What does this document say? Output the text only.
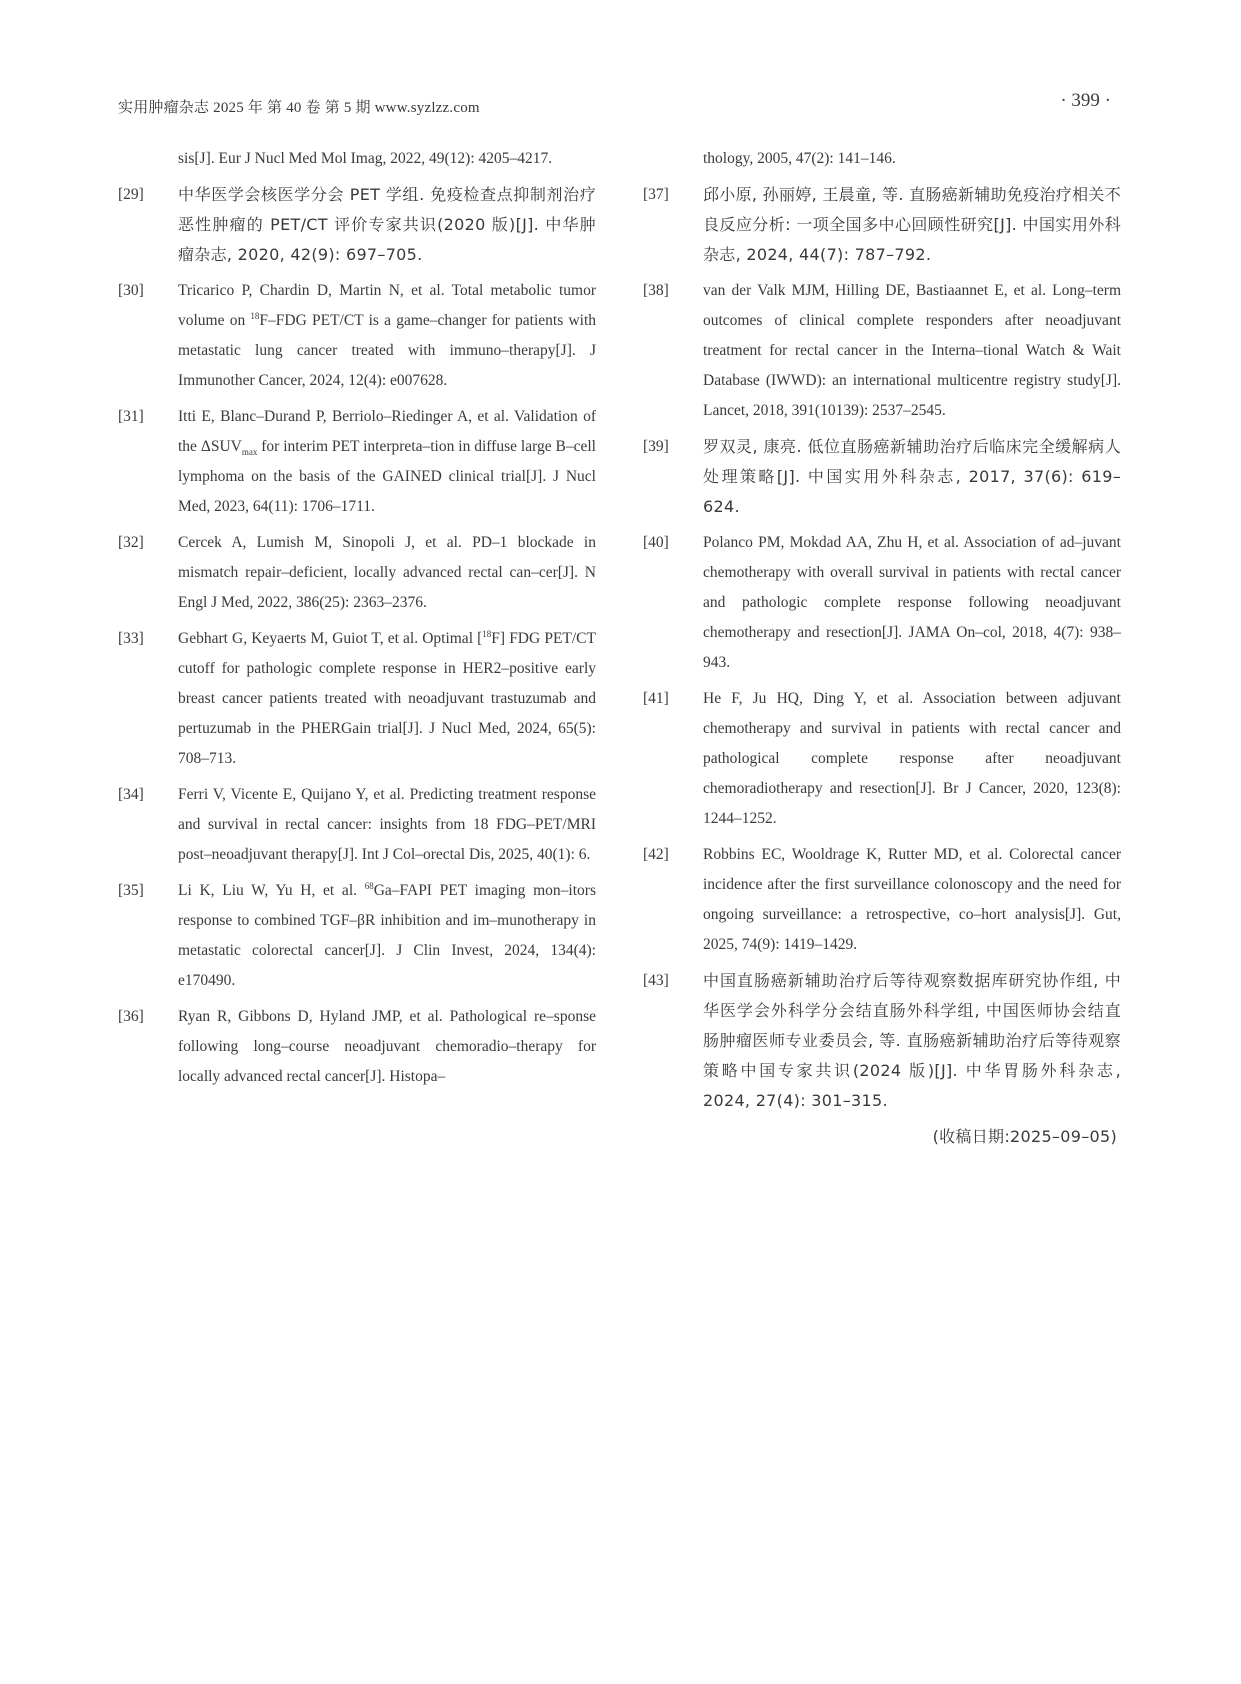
实用肿瘤杂志 2025 年 第 40 卷 第 5 期 www.syzlzz.com	· 399 ·
sis[J]. Eur J Nucl Med Mol Imag, 2022, 49(12): 4205–4217.
[29] 中华医学会核医学分会 PET 学组. 免疫检查点抑制剂治疗恶性肿瘤的 PET/CT 评价专家共识(2020 版)[J]. 中华肿瘤杂志, 2020, 42(9): 697–705.
[30] Tricarico P, Chardin D, Martin N, et al. Total metabolic tumor volume on $^{18}$F–FDG PET/CT is a game–changer for patients with metastatic lung cancer treated with immuno–therapy[J]. J Immunother Cancer, 2024, 12(4): e007628.
[31] Itti E, Blanc–Durand P, Berriolo–Riedinger A, et al. Validation of the $\Delta SUV_{max}$ for interim PET interpreta–tion in diffuse large B–cell lymphoma on the basis of the GAINED clinical trial[J]. J Nucl Med, 2023, 64(11): 1706–1711.
[32] Cercek A, Lumish M, Sinopoli J, et al. PD–1 blockade in mismatch repair–deficient, locally advanced rectal can–cer[J]. N Engl J Med, 2022, 386(25): 2363–2376.
[33] Gebhart G, Keyaerts M, Guiot T, et al. Optimal [$^{18}$F] FDG PET/CT cutoff for pathologic complete response in HER2–positive early breast cancer patients treated with neoadjuvant trastuzumab and pertuzumab in the PHERGain trial[J]. J Nucl Med, 2024, 65(5): 708–713.
[34] Ferri V, Vicente E, Quijano Y, et al. Predicting treatment response and survival in rectal cancer: insights from 18 FDG–PET/MRI post–neoadjuvant therapy[J]. Int J Col–orectal Dis, 2025, 40(1): 6.
[35] Li K, Liu W, Yu H, et al. $^{68}$Ga–FAPI PET imaging mon–itors response to combined TGF–βR inhibition and im–munotherapy in metastatic colorectal cancer[J]. J Clin Invest, 2024, 134(4): e170490.
[36] Ryan R, Gibbons D, Hyland JMP, et al. Pathological re–sponse following long–course neoadjuvant chemoradio–therapy for locally advanced rectal cancer[J]. Histopa–
thology, 2005, 47(2): 141–146.
[37] 邱小原, 孙丽婷, 王晨童, 等. 直肠癌新辅助免疫治疗相关不良反应分析: 一项全国多中心回顾性研究[J]. 中国实用外科杂志, 2024, 44(7): 787–792.
[38] van der Valk MJM, Hilling DE, Bastiaannet E, et al. Long–term outcomes of clinical complete responders after neoadjuvant treatment for rectal cancer in the Interna–tional Watch & Wait Database (IWWD): an international multicentre registry study[J]. Lancet, 2018, 391(10139): 2537–2545.
[39] 罗双灵, 康亮. 低位直肠癌新辅助治疗后临床完全缓解病人处理策略[J]. 中国实用外科杂志, 2017, 37(6): 619–624.
[40] Polanco PM, Mokdad AA, Zhu H, et al. Association of ad–juvant chemotherapy with overall survival in patients with rectal cancer and pathologic complete response following neoadjuvant chemotherapy and resection[J]. JAMA On–col, 2018, 4(7): 938–943.
[41] He F, Ju HQ, Ding Y, et al. Association between adjuvant chemotherapy and survival in patients with rectal cancer and pathological complete response after neoadjuvant chemoradiotherapy and resection[J]. Br J Cancer, 2020, 123(8): 1244–1252.
[42] Robbins EC, Wooldrage K, Rutter MD, et al. Colorectal cancer incidence after the first surveillance colonoscopy and the need for ongoing surveillance: a retrospective, co–hort analysis[J]. Gut, 2025, 74(9): 1419–1429.
[43] 中国直肠癌新辅助治疗后等待观察数据库研究协作组, 中华医学会外科学分会结直肠外科学组, 中国医师协会结直肠肿瘤医师专业委员会, 等. 直肠癌新辅助治疗后等待观察策略中国专家共识(2024 版)[J]. 中华胃肠外科杂志, 2024, 27(4): 301–315.
(收稿日期:2025–09–05)
